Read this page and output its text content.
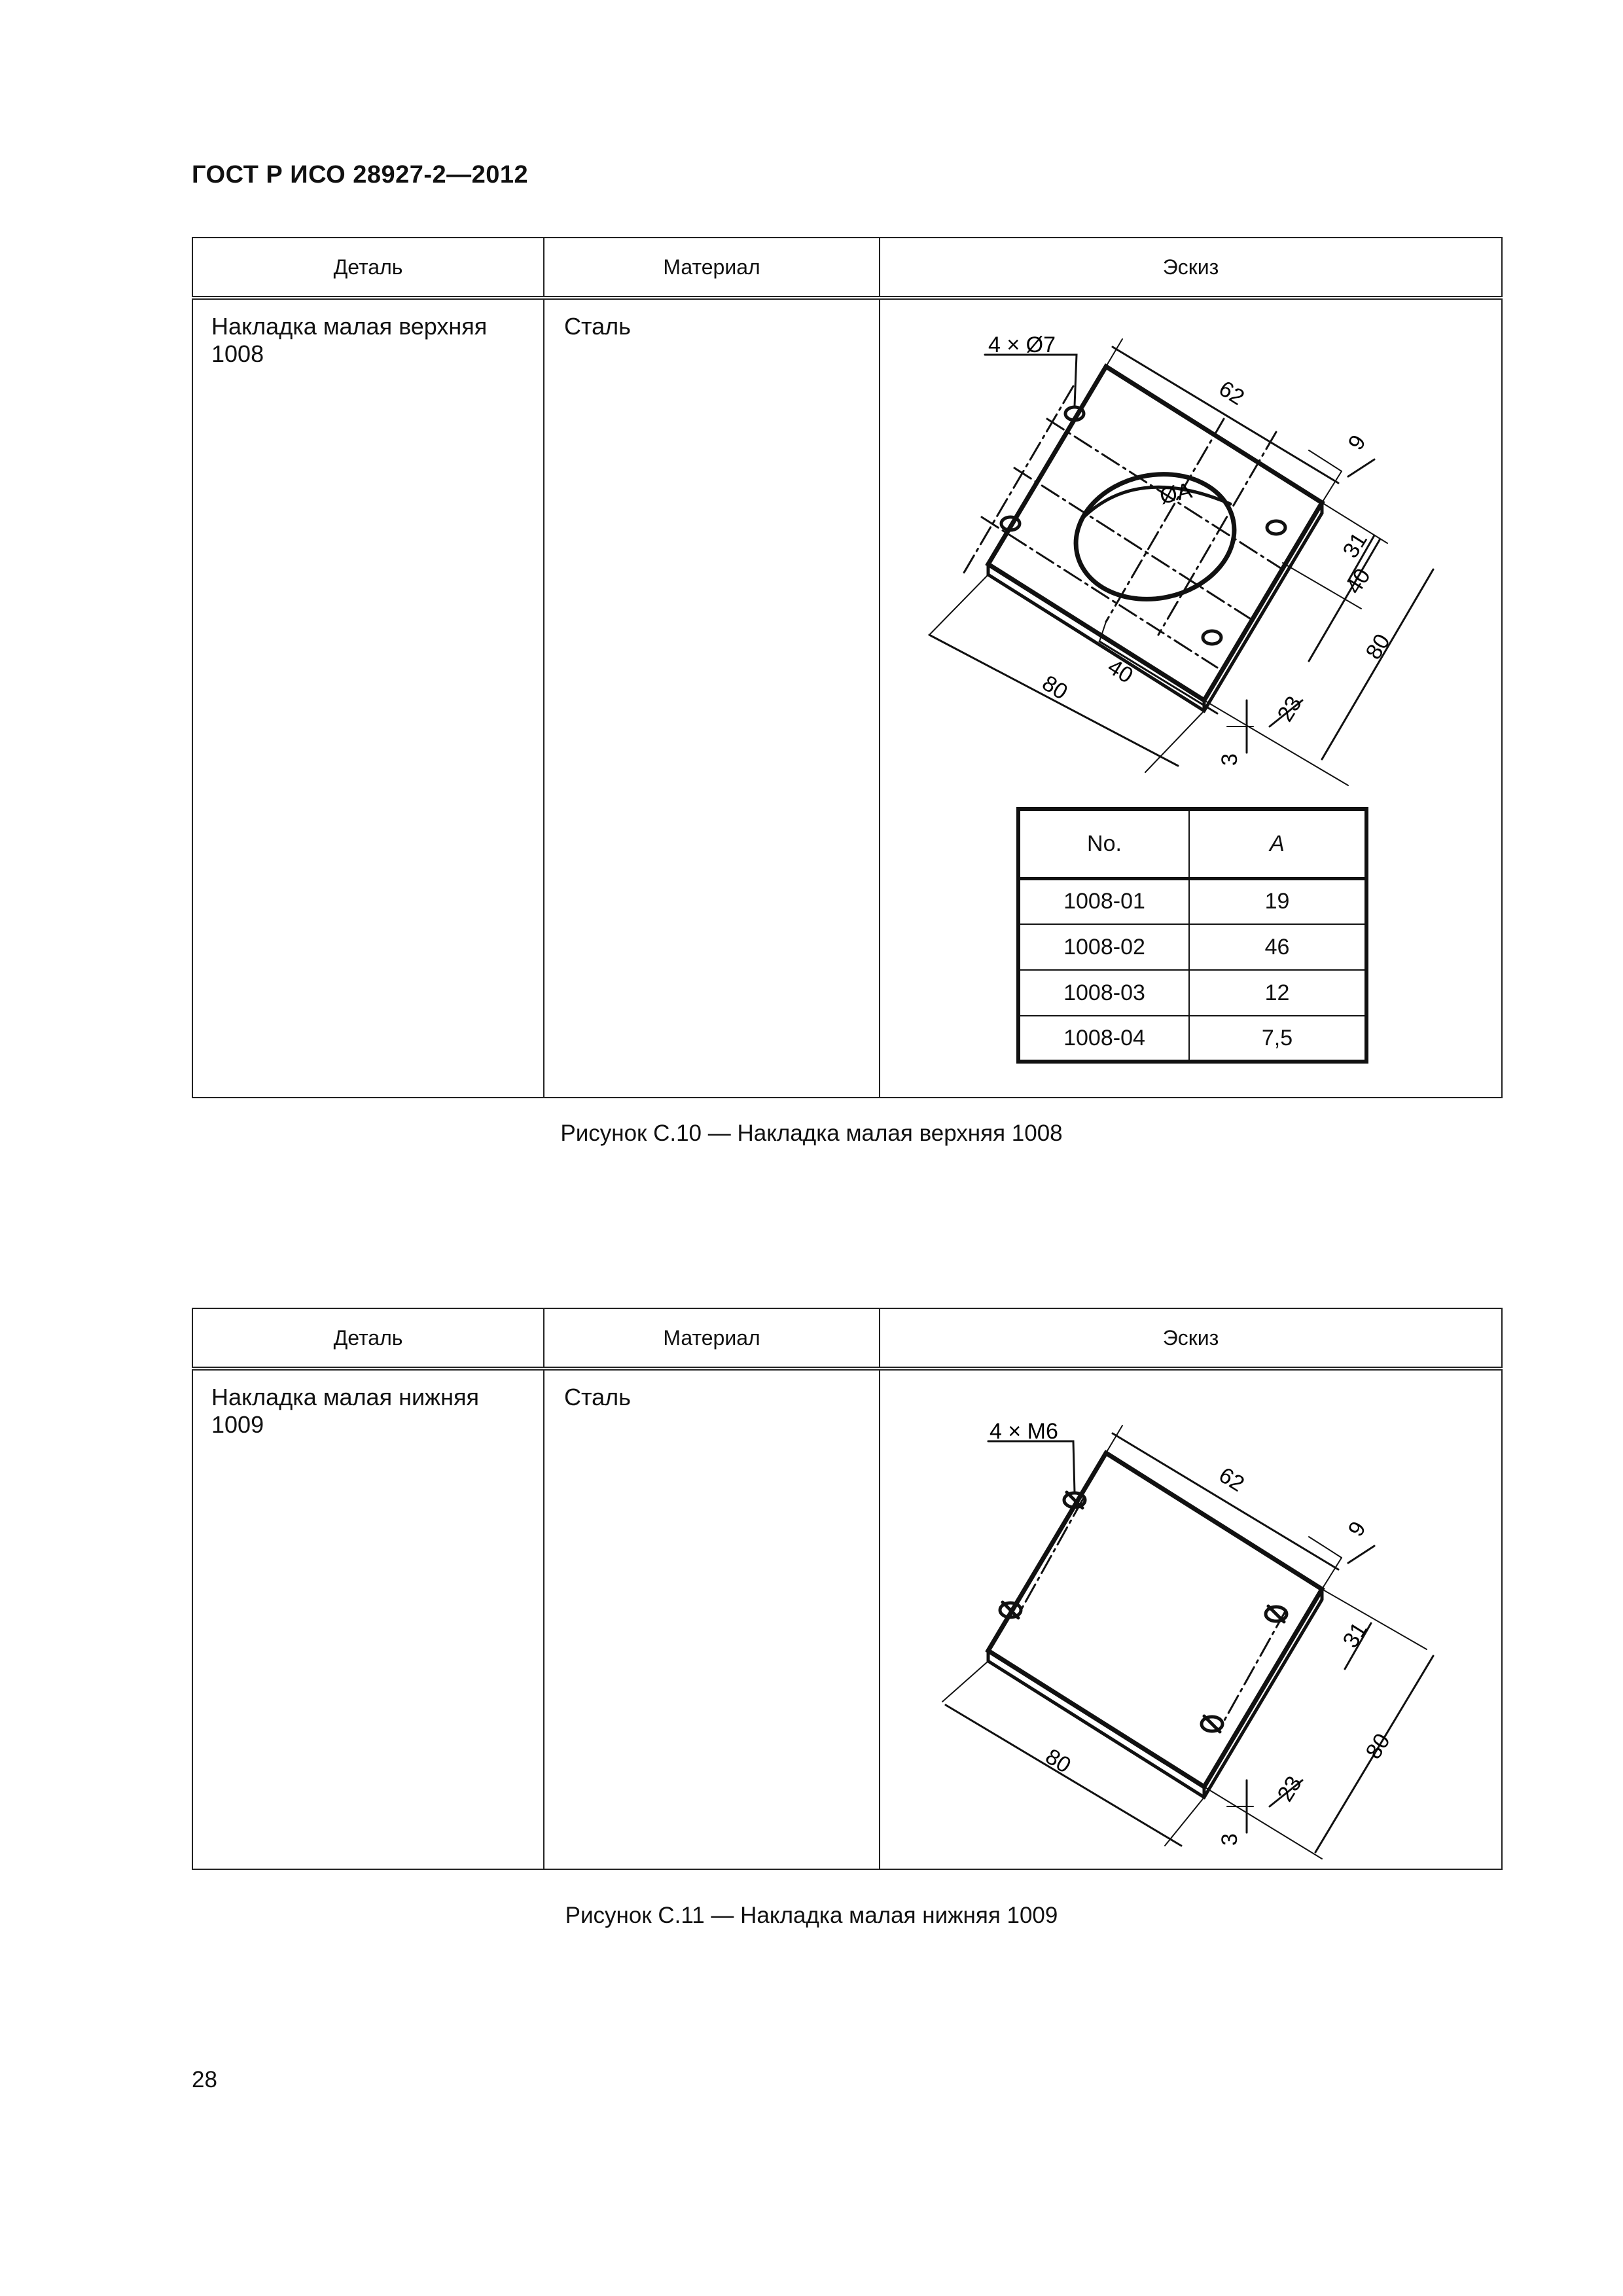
ГОСТ Р ИСО 28927-2—2012
Деталь	Материал	Эскиз

Накладка малая верхняя
1008	Сталь	

4 × Ø7
62
9
31
40
80
40
80
23
3
ØA
No.	A
1008-01	19
1008-02	46
1008-03	12
1008-04	7,5
Рисунок С.10 — Накладка малая верхняя 1008
Деталь	Материал	Эскиз

Накладка малая нижняя
1009	Сталь	

4 × M6
62
9
31
80
80
23
3
Рисунок С.11 — Накладка малая нижняя 1009
28
